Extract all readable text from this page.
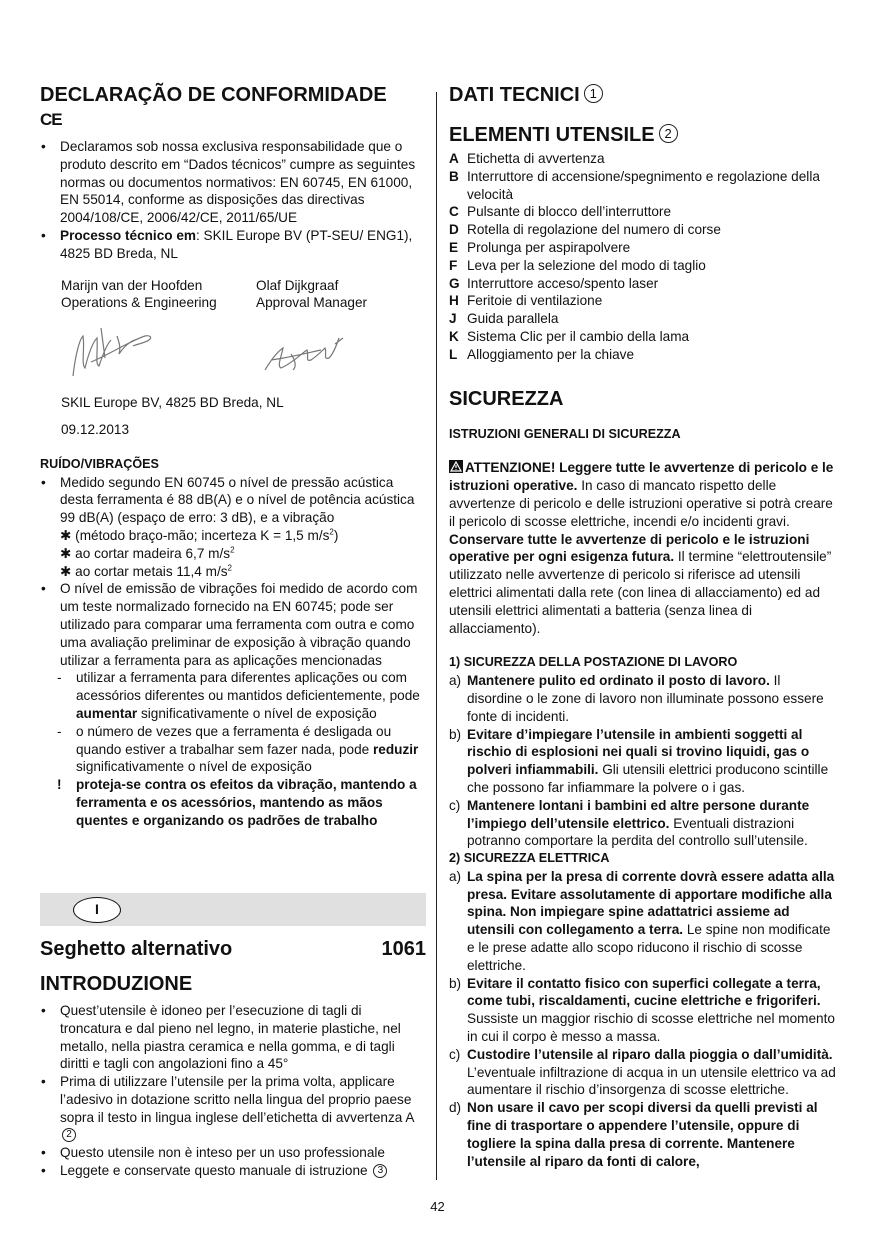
DECLARAÇÃO DE CONFORMIDADE
CE
• Declaramos sob nossa exclusiva responsabilidade que o produto descrito em “Dados técnicos” cumpre as seguintes normas ou documentos normativos: EN 60745, EN 61000, EN 55014, conforme as disposições das directivas 2004/108/CE, 2006/42/CE, 2011/65/UE
• Processo técnico em: SKIL Europe BV (PT-SEU/ ENG1), 4825 BD Breda, NL
Marijn van der Hoofden	Olaf Dijkgraaf
Operations & Engineering	Approval Manager
SKIL Europe BV, 4825 BD Breda, NL
09.12.2013
RUÍDO/VIBRAÇÕES
• Medido segundo EN 60745 o nível de pressão acústica desta ferramenta é 88 dB(A) e o nível de potência acústica 99 dB(A) (espaço de erro: 3 dB), e a vibração
✱ (método braço-mão; incerteza K = 1,5 $m/s^2$)
✱ ao cortar madeira 6,7 $m/s^2$
✱ ao cortar metais 11,4 $m/s^2$
• O nível de emissão de vibrações foi medido de acordo com um teste normalizado fornecido na EN 60745; pode ser utilizado para comparar uma ferramenta com outra e como uma avaliação preliminar de exposição à vibração quando utilizar a ferramenta para as aplicações mencionadas
- utilizar a ferramenta para diferentes aplicações ou com acessórios diferentes ou mantidos deficientemente, pode aumentar significativamente o nível de exposição
- o número de vezes que a ferramenta é desligada ou quando estiver a trabalhar sem fazer nada, pode reduzir significativamente o nível de exposição
! proteja-se contra os efeitos da vibração, mantendo a ferramenta e os acessórios, mantendo as mãos quentes e organizando os padrões de trabalho
I
Seghetto alternativo	1061
INTRODUZIONE
• Quest’utensile è idoneo per l’esecuzione di tagli di troncatura e dal pieno nel legno, in materie plastiche, nel metallo, nella piastra ceramica e nella gomma, e di tagli diritti e tagli con angolazioni fino a 45°
• Prima di utilizzare l’utensile per la prima volta, applicare l’adesivo in dotazione scritto nella lingua del proprio paese sopra il testo in lingua inglese dell’etichetta di avvertenza A 2
• Questo utensile non è inteso per un uso professionale
• Leggete e conservate questo manuale di istruzione 3
DATI TECNICI 1
ELEMENTI UTENSILE 2
A Etichetta di avvertenza
B Interruttore di accensione/spegnimento e regolazione della velocità
C Pulsante di blocco dell’interruttore
D Rotella di regolazione del numero di corse
E Prolunga per aspirapolvere
F Leva per la selezione del modo di taglio
G Interruttore acceso/spento laser
H Feritoie di ventilazione
J Guida parallela
K Sistema Clic per il cambio della lama
L Alloggiamento per la chiave
SICUREZZA
ISTRUZIONI GENERALI DI SICUREZZA
ATTENZIONE! Leggere tutte le avvertenze di pericolo e le istruzioni operative. In caso di mancato rispetto delle avvertenze di pericolo e delle istruzioni operative si potrà creare il pericolo di scosse elettriche, incendi e/o incidenti gravi. Conservare tutte le avvertenze di pericolo e le istruzioni operative per ogni esigenza futura. Il termine “elettroutensile” utilizzato nelle avvertenze di pericolo si riferisce ad utensili elettrici alimentati dalla rete (con linea di allacciamento) ed ad utensili elettrici alimentati a batteria (senza linea di allacciamento).
1) SICUREZZA DELLA POSTAZIONE DI LAVORO
a) Mantenere pulito ed ordinato il posto di lavoro. Il disordine o le zone di lavoro non illuminate possono essere fonte di incidenti.
b) Evitare d’impiegare l’utensile in ambienti soggetti al rischio di esplosioni nei quali si trovino liquidi, gas o polveri infiammabili. Gli utensili elettrici producono scintille che possono far infiammare la polvere o i gas.
c) Mantenere lontani i bambini ed altre persone durante l’impiego dell’utensile elettrico. Eventuali distrazioni potranno comportare la perdita del controllo sull’utensile.
2) SICUREZZA ELETTRICA
a) La spina per la presa di corrente dovrà essere adatta alla presa. Evitare assolutamente di apportare modifiche alla spina. Non impiegare spine adattatrici assieme ad utensili con collegamento a terra. Le spine non modificate e le prese adatte allo scopo riducono il rischio di scosse elettriche.
b) Evitare il contatto fisico con superfici collegate a terra, come tubi, riscaldamenti, cucine elettriche e frigoriferi. Sussiste un maggior rischio di scosse elettriche nel momento in cui il corpo è messo a massa.
c) Custodire l’utensile al riparo dalla pioggia o dall’umidità. L’eventuale infiltrazione di acqua in un utensile elettrico va ad aumentare il rischio d’insorgenza di scosse elettriche.
d) Non usare il cavo per scopi diversi da quelli previsti al fine di trasportare o appendere l’utensile, oppure di togliere la spina dalla presa di corrente. Mantenere l’utensile al riparo da fonti di calore,
42
